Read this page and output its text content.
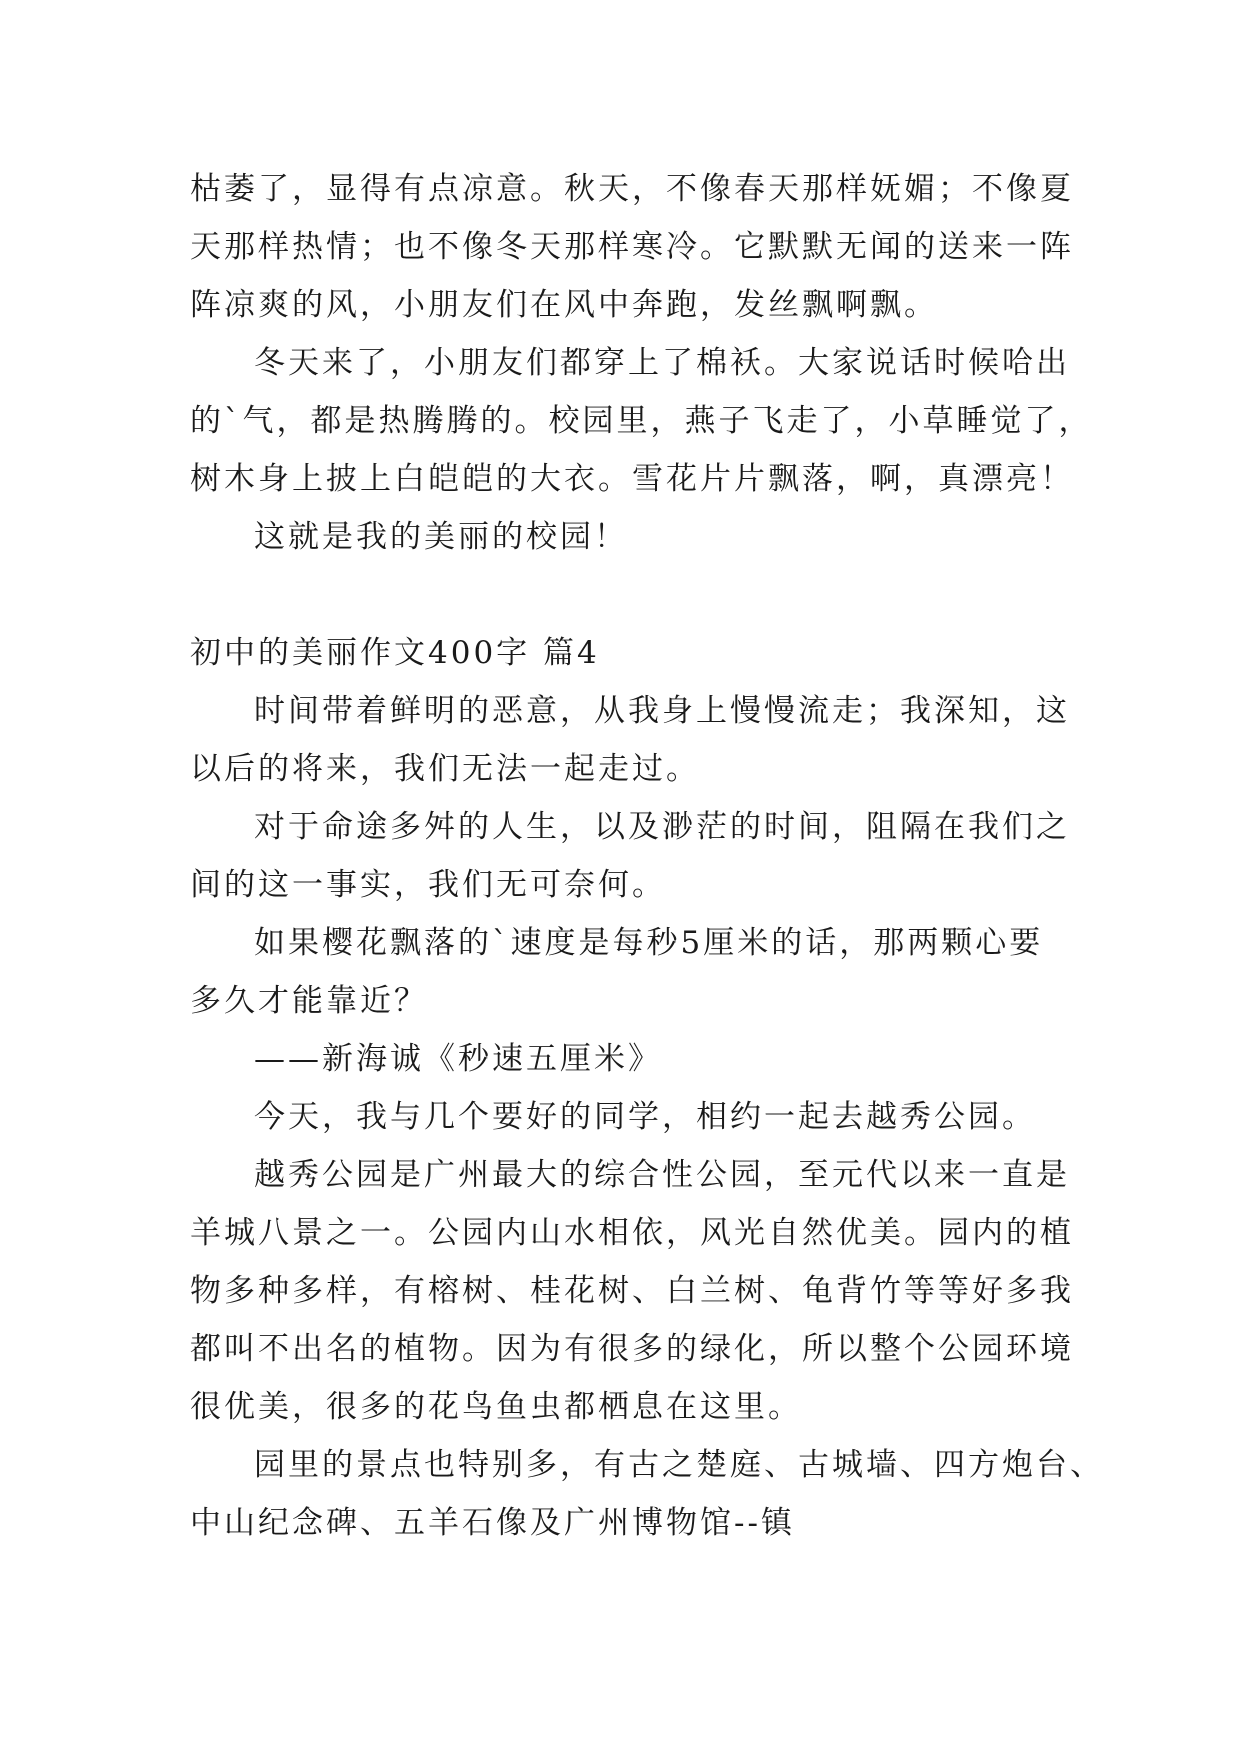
枯萎了，显得有点凉意。秋天，不像春天那样妩媚；不像夏
天那样热情；也不像冬天那样寒冷。它默默无闻的送来一阵
阵凉爽的风，小朋友们在风中奔跑，发丝飘啊飘。
冬天来了，小朋友们都穿上了棉袄。大家说话时候哈出
的`气，都是热腾腾的。校园里，燕子飞走了，小草睡觉了，
树木身上披上白皑皑的大衣。雪花片片飘落，啊，真漂亮！
这就是我的美丽的校园！
初中的美丽作文400字 篇4
时间带着鲜明的恶意，从我身上慢慢流走；我深知，这
以后的将来，我们无法一起走过。
对于命途多舛的人生，以及渺茫的时间，阻隔在我们之
间的这一事实，我们无可奈何。
如果樱花飘落的`速度是每秒5厘米的话，那两颗心要
多久才能靠近？
——新海诚《秒速五厘米》
今天，我与几个要好的同学，相约一起去越秀公园。
越秀公园是广州最大的综合性公园，至元代以来一直是
羊城八景之一。公园内山水相依，风光自然优美。园内的植
物多种多样，有榕树、桂花树、白兰树、龟背竹等等好多我
都叫不出名的植物。因为有很多的绿化，所以整个公园环境
很优美，很多的花鸟鱼虫都栖息在这里。
园里的景点也特别多，有古之楚庭、古城墙、四方炮台、
中山纪念碑、五羊石像及广州博物馆--镇
